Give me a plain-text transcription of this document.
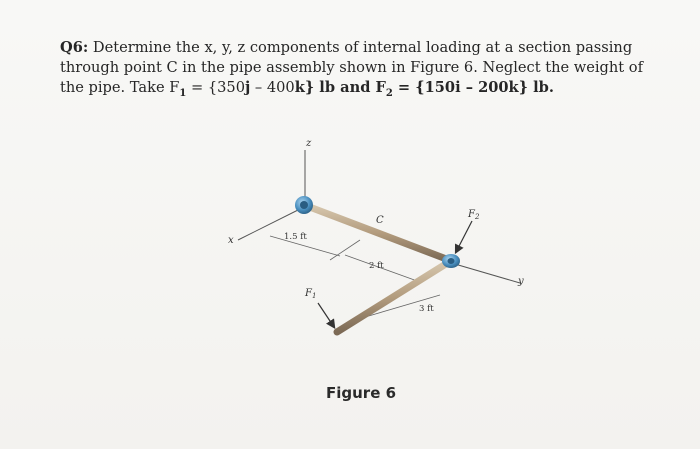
Q6: Determine the x, y, z components of internal loading at a section passing
through point C in the pipe assembly shown in Figure 6. Neglect the weight of
the pipe. Take $F_1 = \{350j - 400k\}$ lb and $F_2 = \{150i - 200k\}$ lb.
z
x
y
C
$F_2$
$F_1$
1.5 ft
2 ft
3 ft
Figure 6
